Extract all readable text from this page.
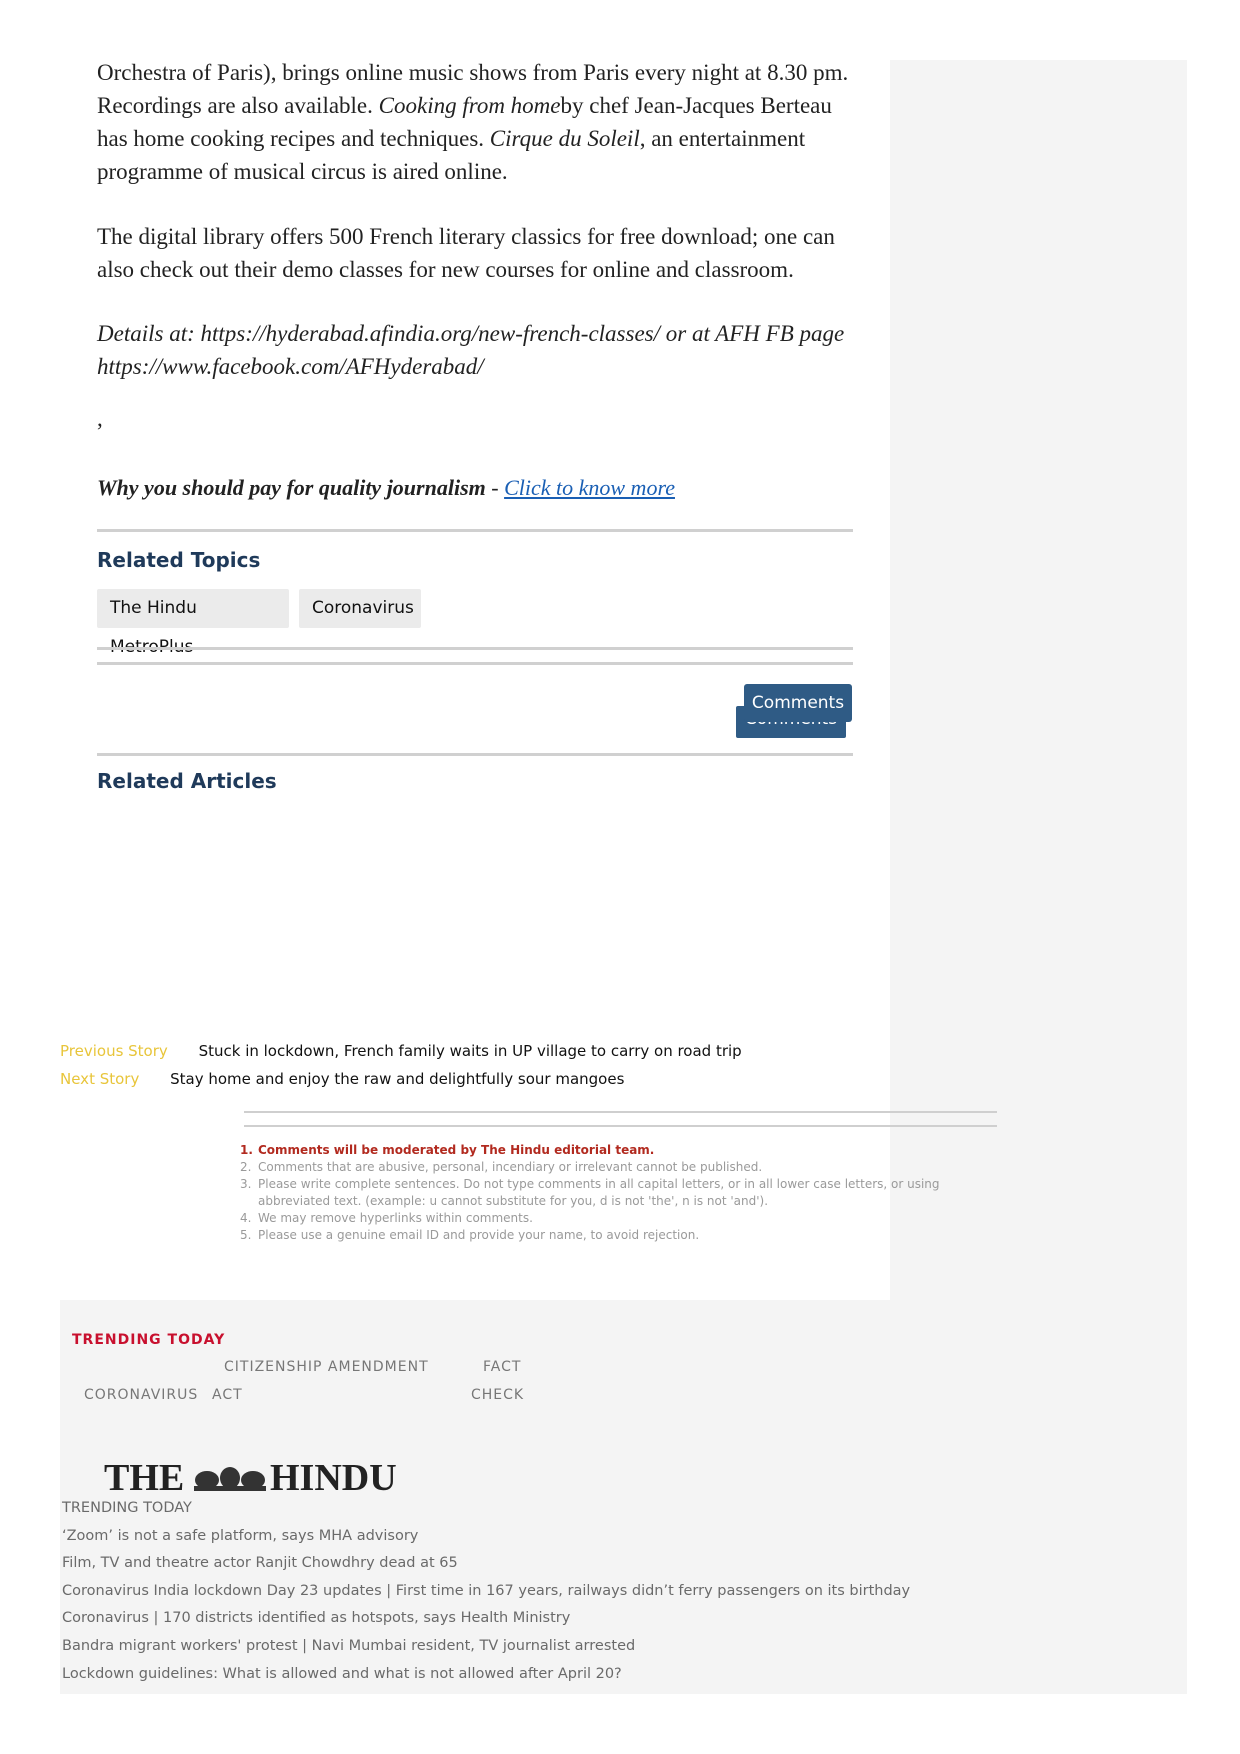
Orchestra of Paris), brings online music shows from Paris every night at 8.30 pm. Recordings are also available. Cooking from homeby chef Jean-Jacques Berteau has home cooking recipes and techniques. Cirque du Soleil, an entertainment programme of musical circus is aired online.

The digital library offers 500 French literary classics for free download; one can also check out their demo classes for new courses for online and classroom.

Details at: https://hyderabad.afindia.org/new-french-classes/ or at AFH FB page https://www.facebook.com/AFHyderabad/

,

Why you should pay for quality journalism - Click to know more
Related Topics
The Hindu	Coronavirus
Comments
Related Articles
Previous Story Stuck in lockdown, French family waits in UP village to carry on road trip
Next Story Stay home and enjoy the raw and delightfully sour mangoes
1. Comments will be moderated by The Hindu editorial team.
2. Comments that are abusive, personal, incendiary or irrelevant cannot be published.
3. Please write complete sentences. Do not type comments in all capital letters, or in all lower case letters, or using abbreviated text. (example: u cannot substitute for you, d is not 'the', n is not 'and').
4. We may remove hyperlinks within comments.
5. Please use a genuine email ID and provide your name, to avoid rejection.
TRENDING TODAY
CORONAVIRUS
CITIZENSHIP AMENDMENT
ACT
FACT
CHECK
THE HINDU
TRENDING TODAY
‘Zoom’ is not a safe platform, says MHA advisory
Film, TV and theatre actor Ranjit Chowdhry dead at 65
Coronavirus India lockdown Day 23 updates | First time in 167 years, railways didn’t ferry passengers on its birthday
Coronavirus | 170 districts identified as hotspots, says Health Ministry
Bandra migrant workers' protest | Navi Mumbai resident, TV journalist arrested
Lockdown guidelines: What is allowed and what is not allowed after April 20?
